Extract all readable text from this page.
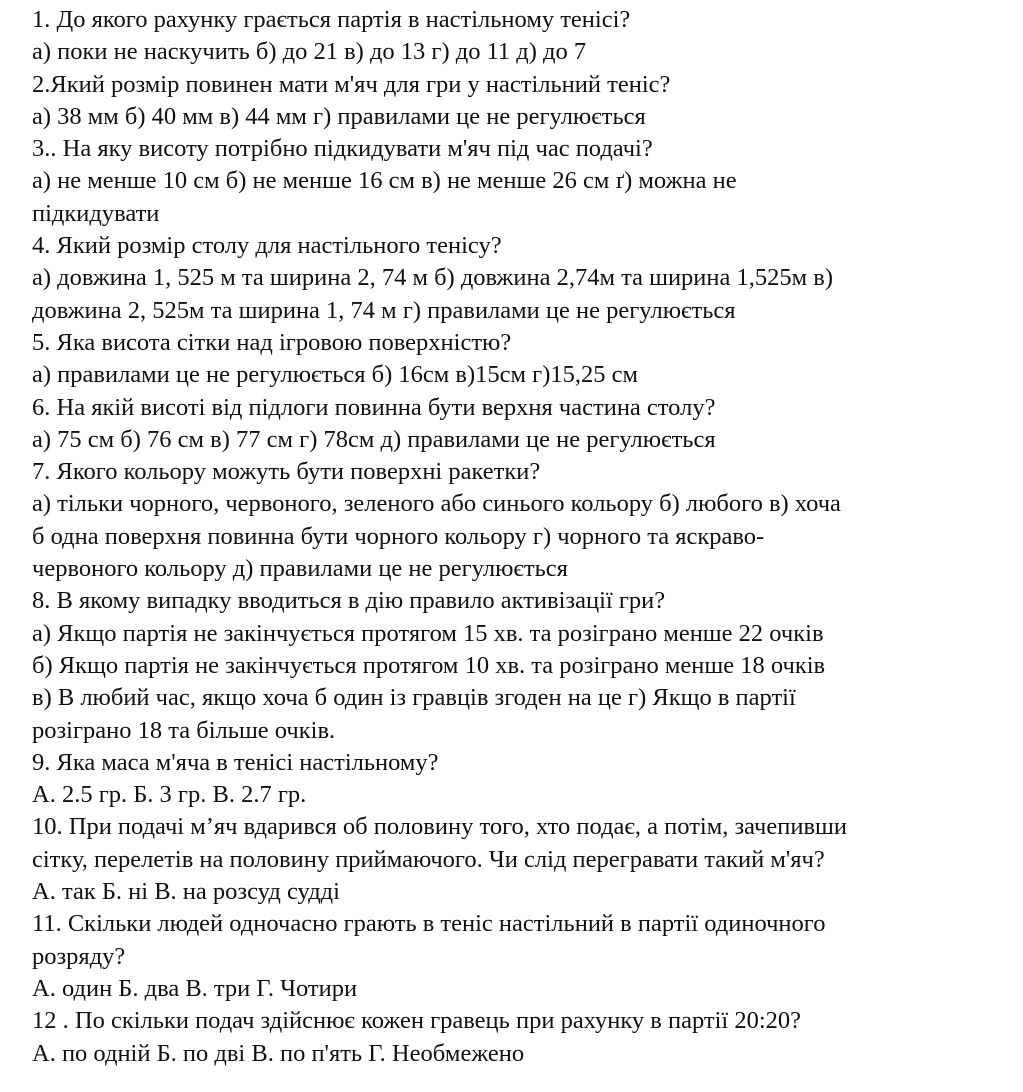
1. До якого рахунку грається партія в настільному тенісі?
а) поки не наскучить б) до 21 в) до 13 г) до 11 д) до 7
2.Який розмір повинен мати м'яч для гри у настільний теніс?
а) 38 мм б) 40 мм в) 44 мм г) правилами це не регулюється
3.. На яку висоту потрібно підкидувати м'яч під час подачі?
а) не менше 10 см б) не менше 16 см в) не менше 26 см ґ) можна не
підкидувати
4. Який розмір столу для настільного тенісу?
а) довжина 1, 525 м та ширина 2, 74 м б) довжина 2,74м та ширина 1,525м в)
довжина 2, 525м та ширина 1, 74 м г) правилами це не регулюється
5. Яка висота сітки над ігровою поверхністю?
а) правилами це не регулюється б) 16см в)15см г)15,25 см
6. На якій висоті від підлоги повинна бути верхня частина столу?
а) 75 см б) 76 см в) 77 см г) 78см д) правилами це не регулюється
7. Якого кольору можуть бути поверхні ракетки?
а) тільки чорного, червоного, зеленого або синього кольору б) любого в) хоча
б одна поверхня повинна бути чорного кольору г) чорного та яскраво-
червоного кольору д) правилами це не регулюється
8. В якому випадку вводиться в дію правило активізації гри?
а) Якщо партія не закінчується протягом 15 хв. та розіграно менше 22 очків
б) Якщо партія не закінчується протягом 10 хв. та розіграно менше 18 очків
в) В любий час, якщо хоча б один із гравців згоден на це г) Якщо в партії
розіграно 18 та більше очків.
9. Яка маса м'яча в тенісі настільному?
А. 2.5 гр. Б. 3 гр. В. 2.7 гр.
10. При подачі м’яч вдарився об половину того, хто подає, а потім, зачепивши
сітку, перелетів на половину приймаючого. Чи слід перегравати такий м'яч?
А. так Б. ні В. на розсуд судді
11. Скільки людей одночасно грають в теніс настільний в партії одиночного
розряду?
А. один Б. два В. три Г. Чотири
12 . По скільки подач здійснює кожен гравець при рахунку в партії 20:20?
А. по одній Б. по дві В. по п'ять Г. Необмежено
